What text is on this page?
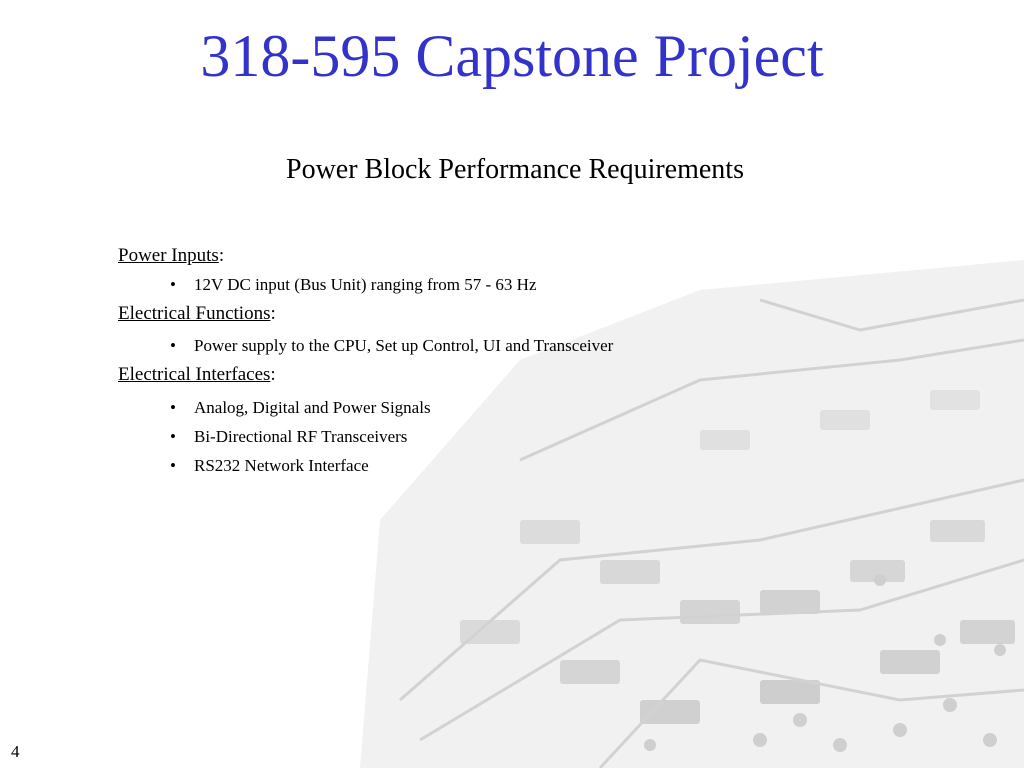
318-595 Capstone Project
Power Block Performance Requirements

Power Inputs:

• 12V DC input (Bus Unit) ranging from 57 - 63 Hz

Electrical Functions:

• Power supply to the CPU, Set up Control, UI and Transceiver

Electrical Interfaces:

• Analog, Digital and Power Signals
• Bi-Directional RF Transceivers
• RS232 Network Interface
4
